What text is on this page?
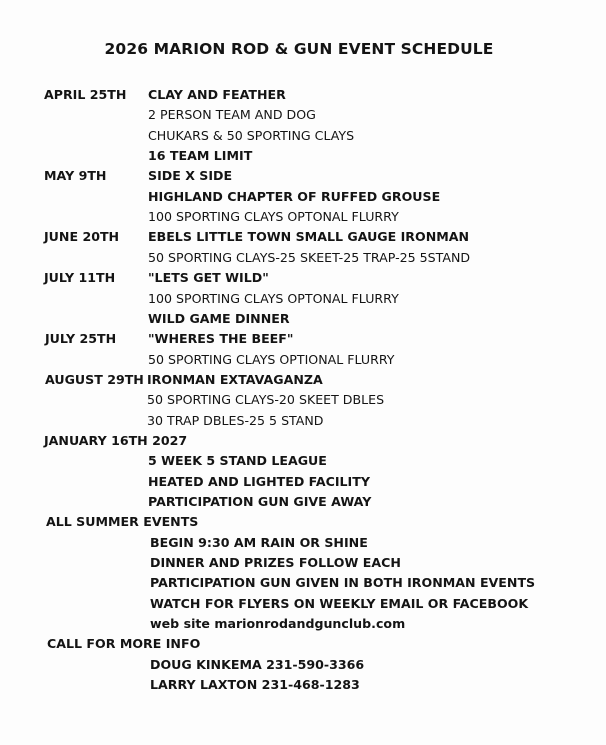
2026 MARION ROD & GUN EVENT SCHEDULE
APRIL 25TH CLAY AND FEATHER
2 PERSON TEAM AND DOG
CHUKARS & 50 SPORTING CLAYS
16 TEAM LIMIT
MAY 9TH	SIDE X SIDE
HIGHLAND CHAPTER OF RUFFED GROUSE
100 SPORTING CLAYS OPTONAL FLURRY
JUNE 20TH EBELS LITTLE TOWN SMALL GAUGE IRONMAN
50 SPORTING CLAYS-25 SKEET-25 TRAP-25 5STAND
JULY 11TH	"LETS GET WILD"
100 SPORTING CLAYS OPTONAL FLURRY
WILD GAME DINNER
JULY 25TH	"WHERES THE BEEF"
50 SPORTING CLAYS OPTIONAL FLURRY
AUGUST 29TH IRONMAN EXTAVAGANZA
50 SPORTING CLAYS-20 SKEET DBLES
30 TRAP DBLES-25 5 STAND
JANUARY 16TH 2027
5 WEEK 5 STAND LEAGUE
HEATED AND LIGHTED FACILITY
PARTICIPATION GUN GIVE AWAY
ALL SUMMER EVENTS
BEGIN 9:30 AM RAIN OR SHINE
DINNER AND PRIZES FOLLOW EACH
PARTICIPATION GUN GIVEN IN BOTH IRONMAN EVENTS
WATCH FOR FLYERS ON WEEKLY EMAIL OR FACEBOOK
web site marionrodandgunclub.com
CALL FOR MORE INFO
DOUG KINKEMA 231-590-3366
LARRY LAXTON 231-468-1283
